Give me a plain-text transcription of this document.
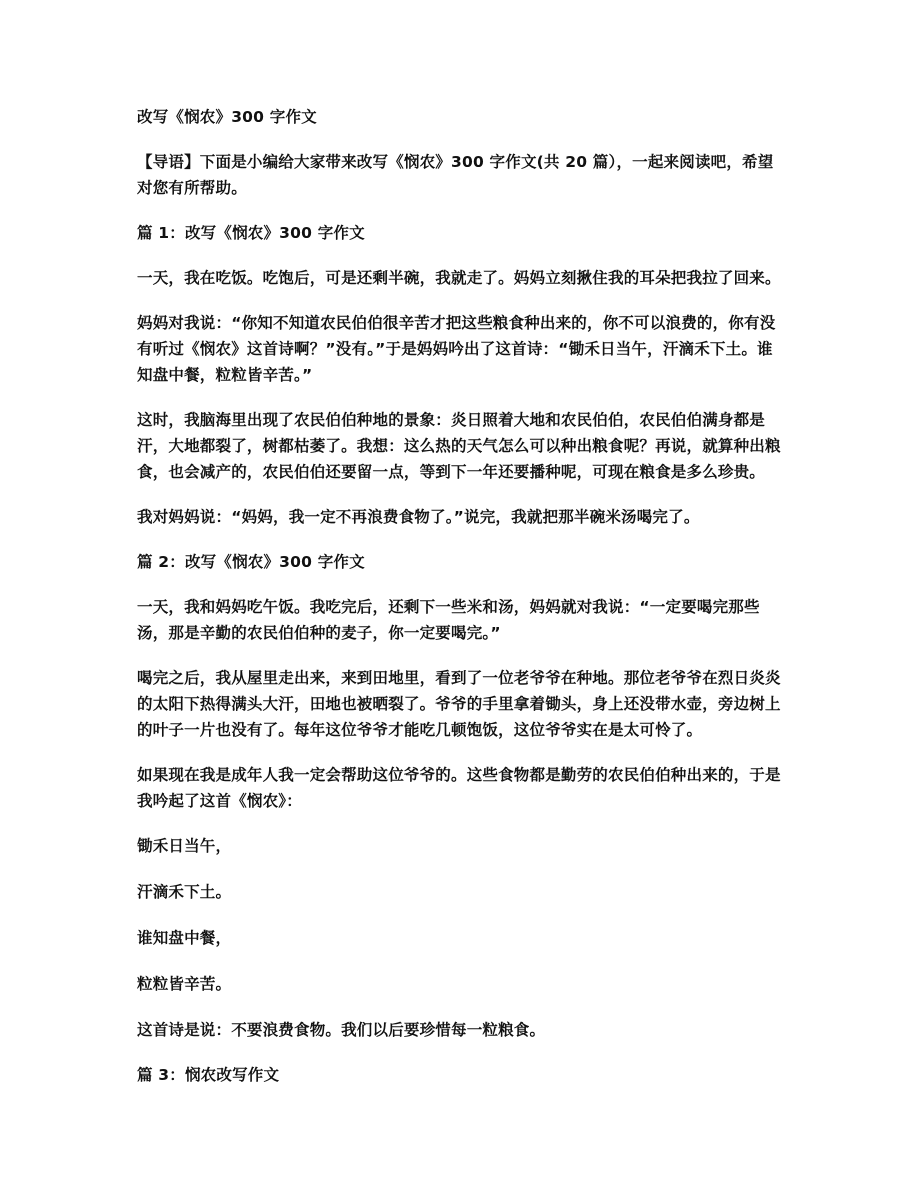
改写《悯农》300 字作文
【导语】下面是小编给大家带来改写《悯农》300 字作文(共 20 篇），一起来阅读吧，希望对您有所帮助。
篇 1：改写《悯农》300 字作文
一天，我在吃饭。吃饱后，可是还剩半碗，我就走了。妈妈立刻揪住我的耳朵把我拉了回来。
妈妈对我说：“你知不知道农民伯伯很辛苦才把这些粮食种出来的，你不可以浪费的，你有没有听过《悯农》这首诗啊？”没有。”于是妈妈吟出了这首诗：“锄禾日当午，汗滴禾下土。谁知盘中餐，粒粒皆辛苦。”
这时，我脑海里出现了农民伯伯种地的景象：炎日照着大地和农民伯伯，农民伯伯满身都是汗，大地都裂了，树都枯萎了。我想：这么热的天气怎么可以种出粮食呢？再说，就算种出粮食，也会减产的，农民伯伯还要留一点，等到下一年还要播种呢，可现在粮食是多么珍贵。
我对妈妈说：“妈妈，我一定不再浪费食物了。”说完，我就把那半碗米汤喝完了。
篇 2：改写《悯农》300 字作文
一天，我和妈妈吃午饭。我吃完后，还剩下一些米和汤，妈妈就对我说：“一定要喝完那些汤，那是辛勤的农民伯伯种的麦子，你一定要喝完。”
喝完之后，我从屋里走出来，来到田地里，看到了一位老爷爷在种地。那位老爷爷在烈日炎炎的太阳下热得满头大汗，田地也被晒裂了。爷爷的手里拿着锄头，身上还没带水壶，旁边树上的叶子一片也没有了。每年这位爷爷才能吃几顿饱饭，这位爷爷实在是太可怜了。
如果现在我是成年人我一定会帮助这位爷爷的。这些食物都是勤劳的农民伯伯种出来的，于是我吟起了这首《悯农》：
锄禾日当午，
汗滴禾下土。
谁知盘中餐，
粒粒皆辛苦。
这首诗是说：不要浪费食物。我们以后要珍惜每一粒粮食。
篇 3：悯农改写作文
